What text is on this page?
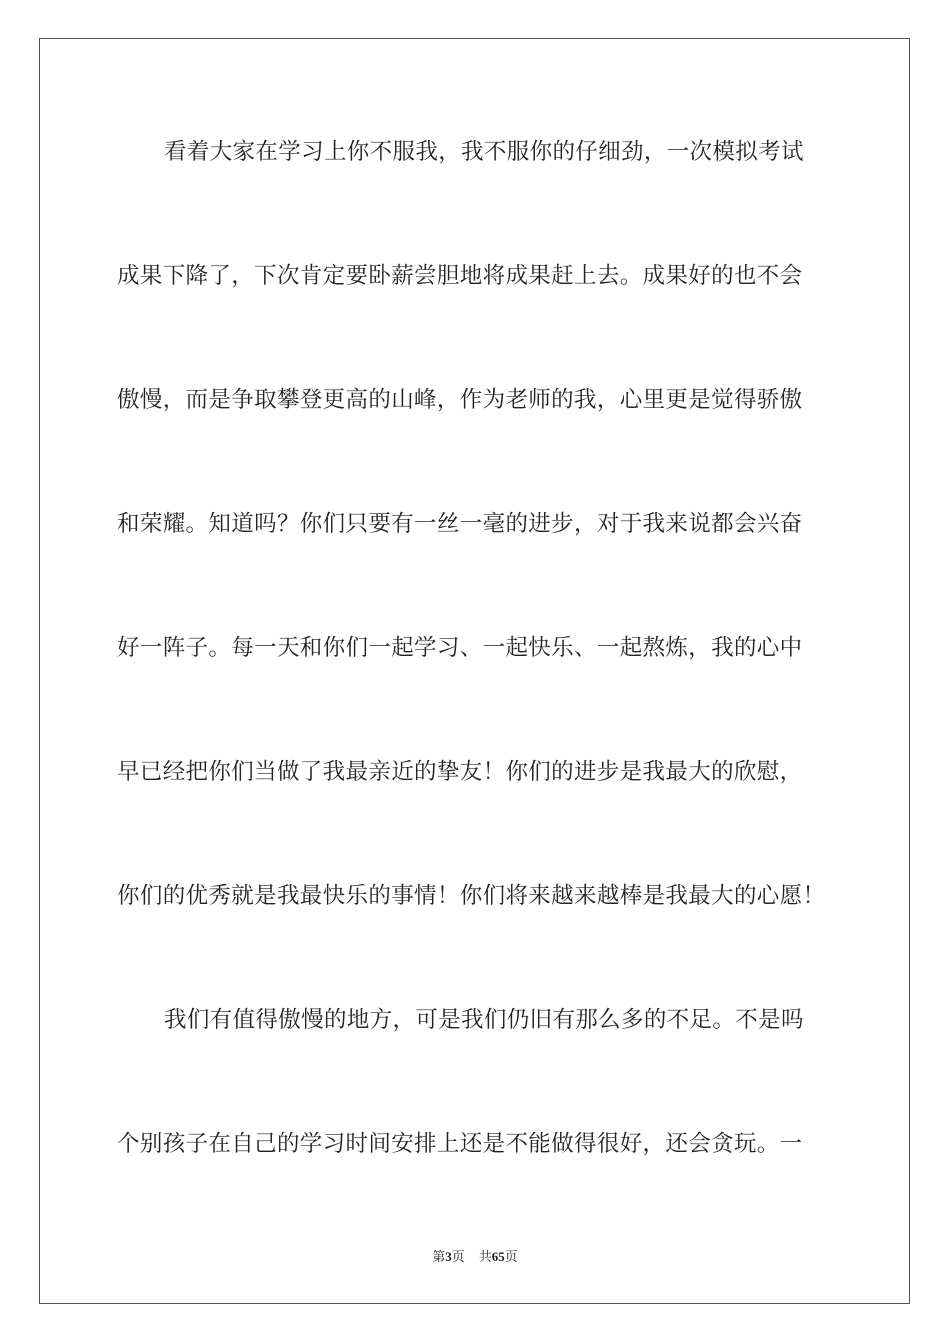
看着大家在学习上你不服我，我不服你的仔细劲，一次模拟考试
成果下降了，下次肯定要卧薪尝胆地将成果赶上去。成果好的也不会
傲慢，而是争取攀登更高的山峰，作为老师的我，心里更是觉得骄傲
和荣耀。知道吗？你们只要有一丝一毫的进步，对于我来说都会兴奋
好一阵子。每一天和你们一起学习、一起快乐、一起熬炼，我的心中
早已经把你们当做了我最亲近的挚友！你们的进步是我最大的欣慰，
你们的优秀就是我最快乐的事情！你们将来越来越棒是我最大的心愿！
我们有值得傲慢的地方，可是我们仍旧有那么多的不足。不是吗
个别孩子在自己的学习时间安排上还是不能做得很好，还会贪玩。一
第3页 共65页
